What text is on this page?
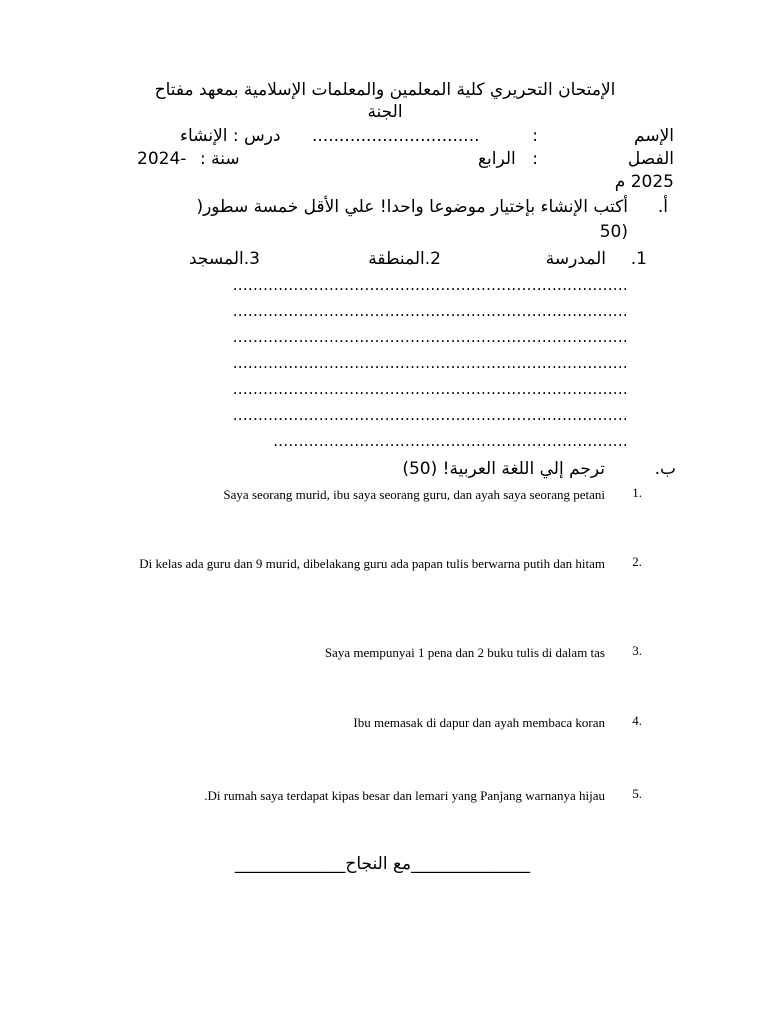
الإمتحان التحريري كلية المعلمين والمعلمات الإسلامية بمعهد مفتاح
الجنة
الإسم
:
...............................
درس : الإنشاء
الفصل
:
الرابع
سنة :
2024-
2025 م
أ.
أكتب الإنشاء بإختيار موضوعا واحدا! علي الأقل خمسة سطور(
(50
1.
المدرسة
2.المنطقة
3.المسجد
..............................................................................
..............................................................................
..............................................................................
..............................................................................
..............................................................................
..............................................................................
......................................................................
ب.
ترجم إلي اللغة العربية! (50)
1.
Saya seorang murid, ibu saya seorang guru, dan ayah saya seorang petani
2.
Di kelas ada guru dan 9 murid, dibelakang guru ada papan tulis berwarna putih dan hitam
3.
Saya mempunyai 1 pena dan 2 buku tulis di dalam tas
4.
Ibu memasak di dapur dan ayah membaca koran
5.
.Di rumah saya terdapat kipas besar dan lemari yang Panjang warnanya hijau
______________مع النجاح_____________
